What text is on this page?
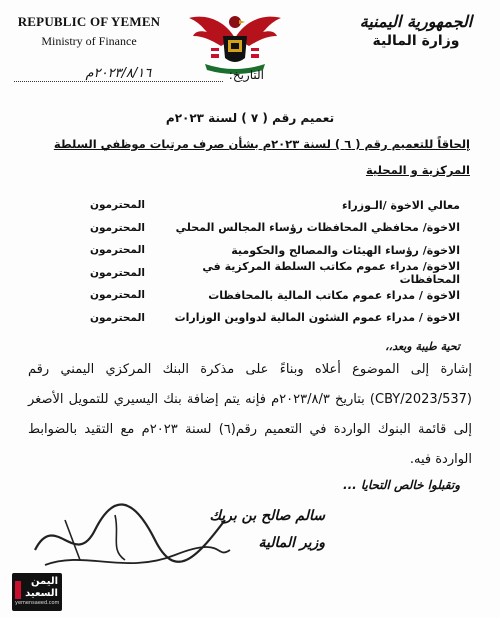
REPUBLIC OF YEMEN
Ministry of Finance
الجمهورية اليمنية
وزارة المالية
التاريخ:
٢٠٢٣/٨/١٦م
تعميم رقم ( ٧ ) لسنة ٢٠٢٣م
إلحاقاً للتعميم رقم ( ٦ ) لسنة ٢٠٢٣م بشأن صرف مرتبات موظفي السلطة المركزية و المحلية
معالي الاخوة /الـوزراء
المحترمون
الاخوة/ محافظي المحافظات رؤساء المجالس المحلي
المحترمون
الاخوة/ رؤساء الهيئات والمصالح والحكومية
المحترمون
الاخوة/ مدراء عموم مكاتب السلطة المركزية في المحافظات
المحترمون
الاخوة / مدراء عموم مكاتب المالية بالمحافظات
المحترمون
الاخوة / مدراء عموم الشئون المالية لدواوين الوزارات
المحترمون
تحية طيبة وبعد،،
إشارة إلى الموضوع أعلاه وبناءً على مذكرة البنك المركزي اليمني رقم (537/CBY/2023) بتاريخ ٢٠٢٣/٨/٣م فإنه يتم إضافة بنك اليسيري للتمويل الأصغر إلى قائمة البنوك الواردة في التعميم رقم(٦) لسنة ٢٠٢٣م مع التقيد بالضوابط الواردة فيه.
وتقبلوا خالص التحايا ...
سالم صالح بن بريك
وزير المالية
اليمن
السعيد
yemensaeed.com
